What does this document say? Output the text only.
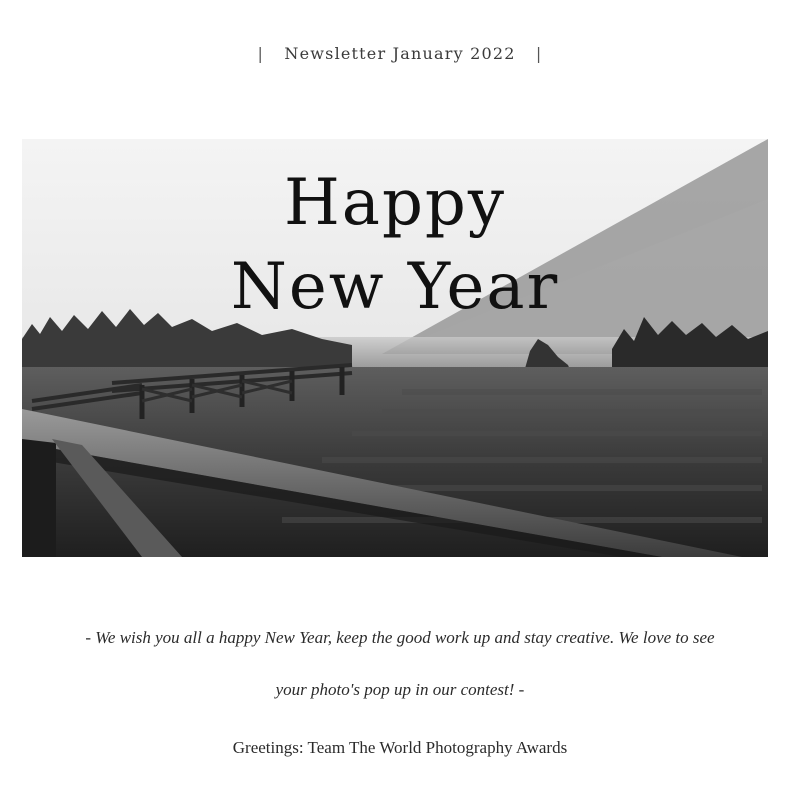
| Newsletter January 2022 |
Happy
New Year
- We wish you all a happy New Year, keep the good work up and stay creative. We love to see
your photo's pop up in our contest! -
Greetings: Team The World Photography Awards
